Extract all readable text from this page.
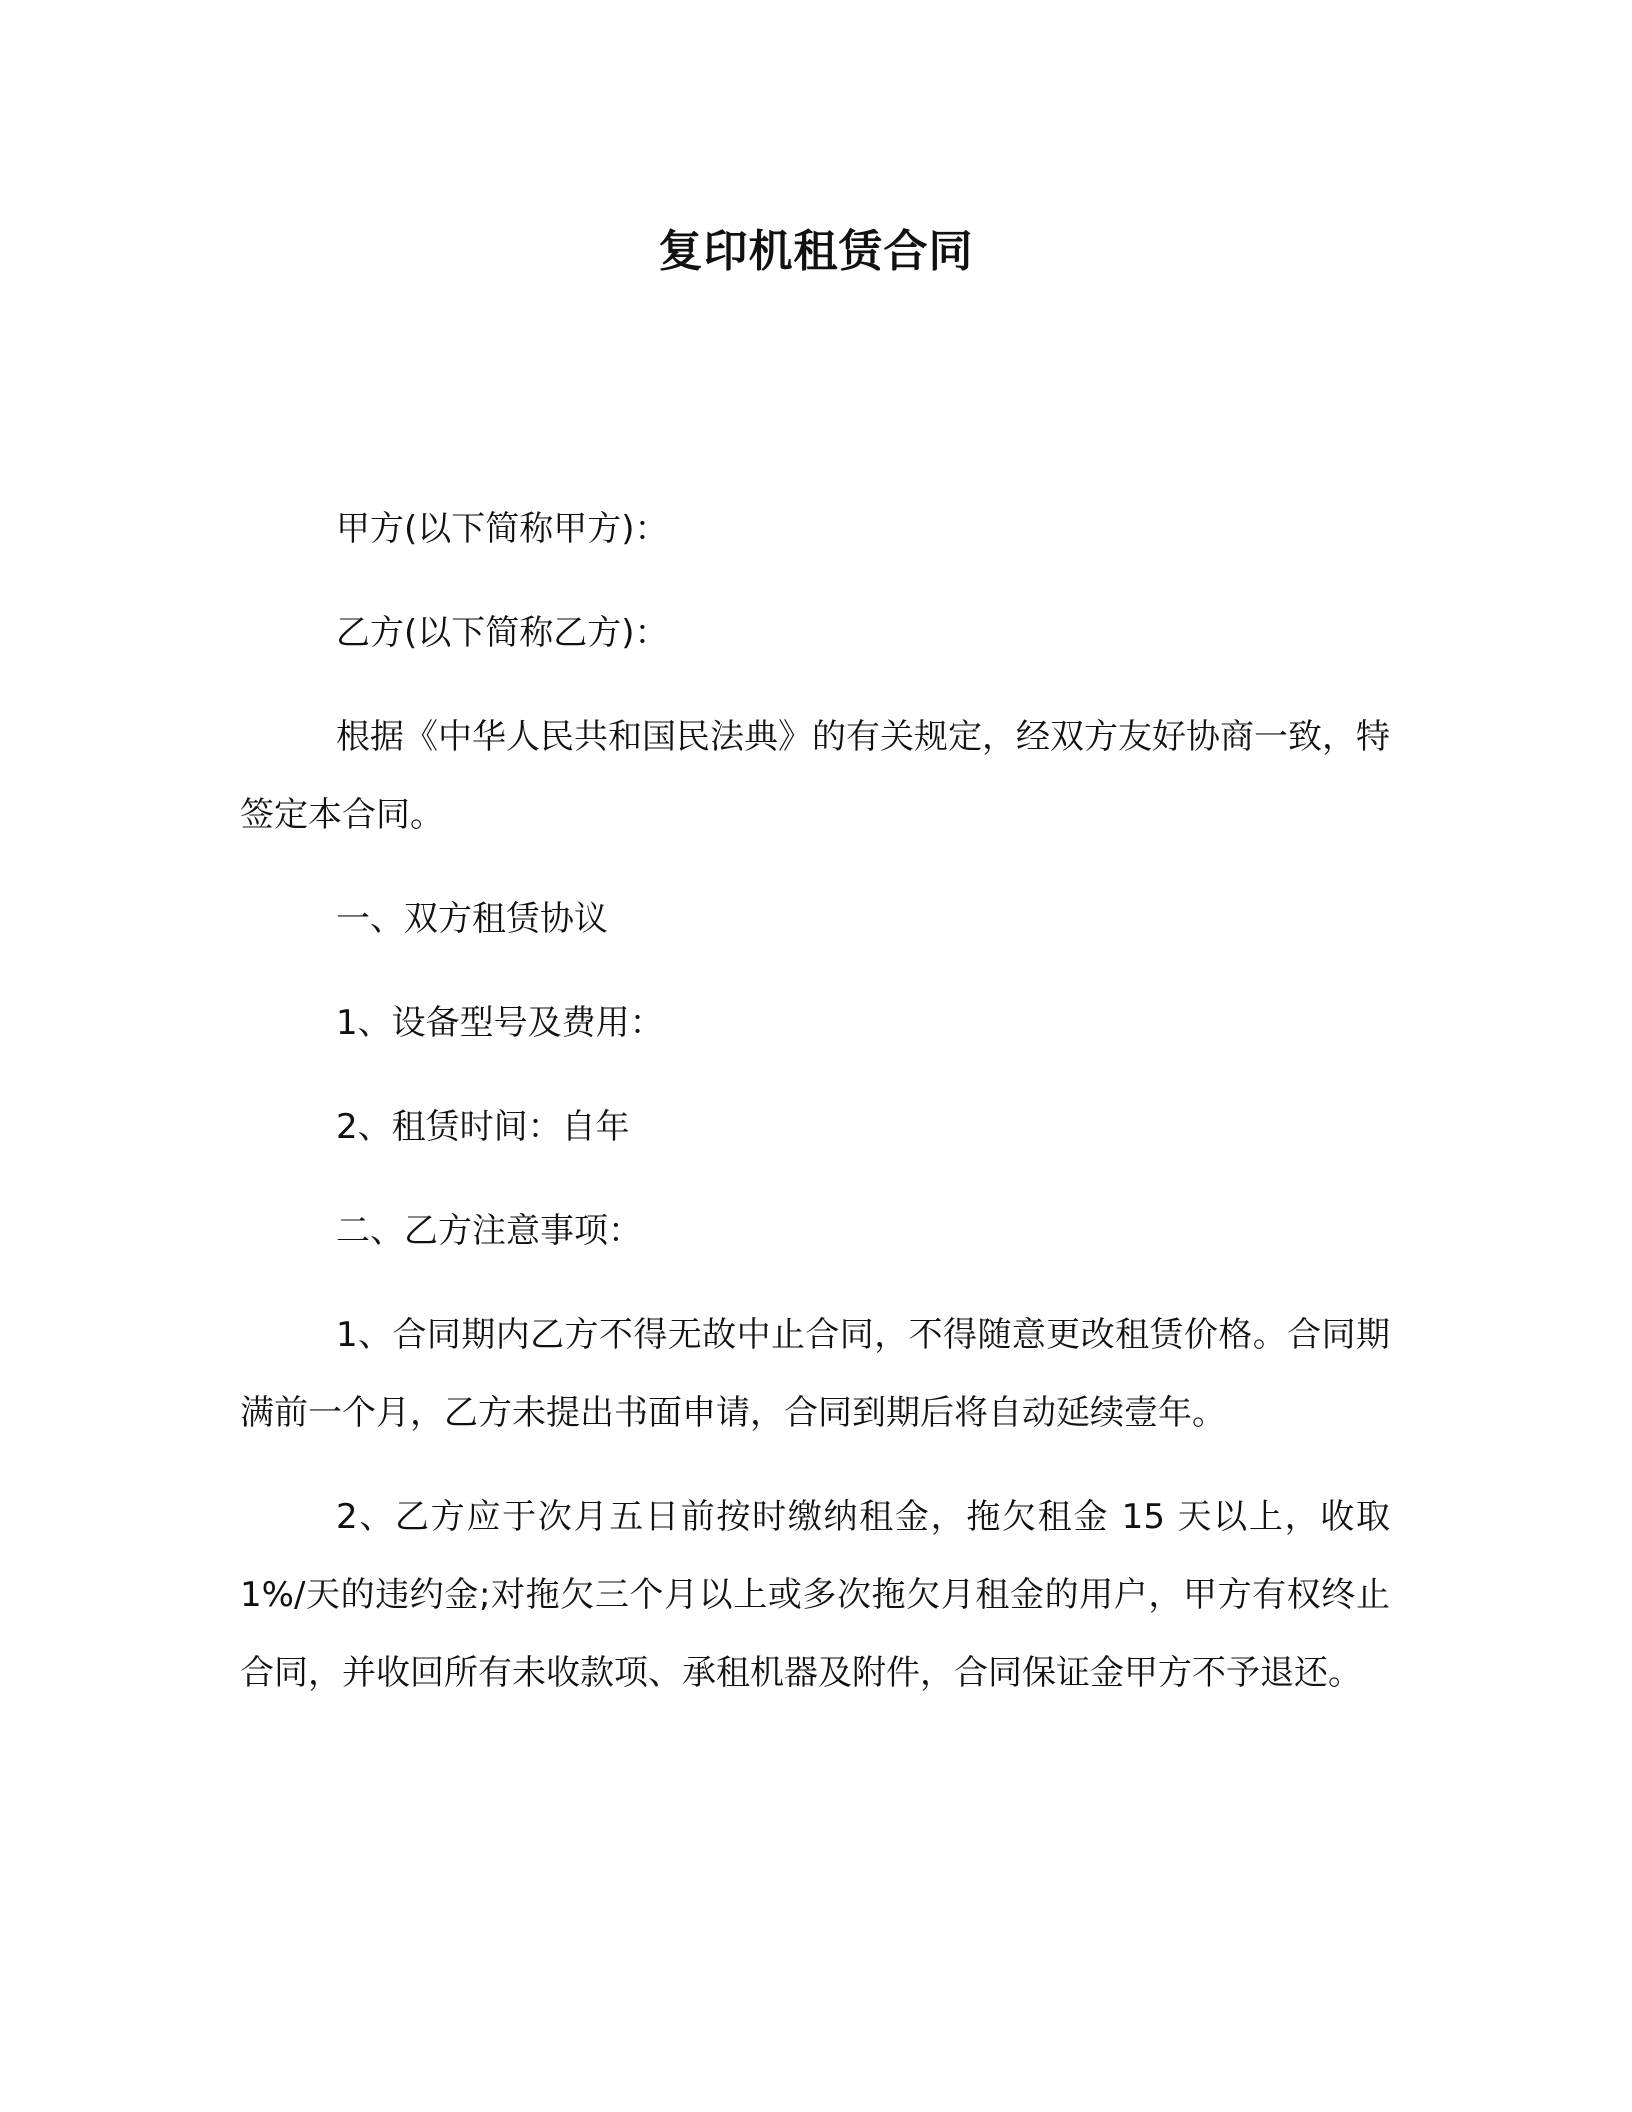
复印机租赁合同

甲方(以下简称甲方)：

乙方(以下简称乙方)：

根据《中华人民共和国民法典》的有关规定，经双方友好协商一致，特签定本合同。

一、双方租赁协议

1、设备型号及费用：

2、租赁时间：自年

二、乙方注意事项：

1、合同期内乙方不得无故中止合同，不得随意更改租赁价格。合同期满前一个月，乙方未提出书面申请，合同到期后将自动延续壹年。

2、乙方应于次月五日前按时缴纳租金，拖欠租金 15 天以上，收取 1%/天的违约金;对拖欠三个月以上或多次拖欠月租金的用户，甲方有权终止合同，并收回所有未收款项、承租机器及附件，合同保证金甲方不予退还。
